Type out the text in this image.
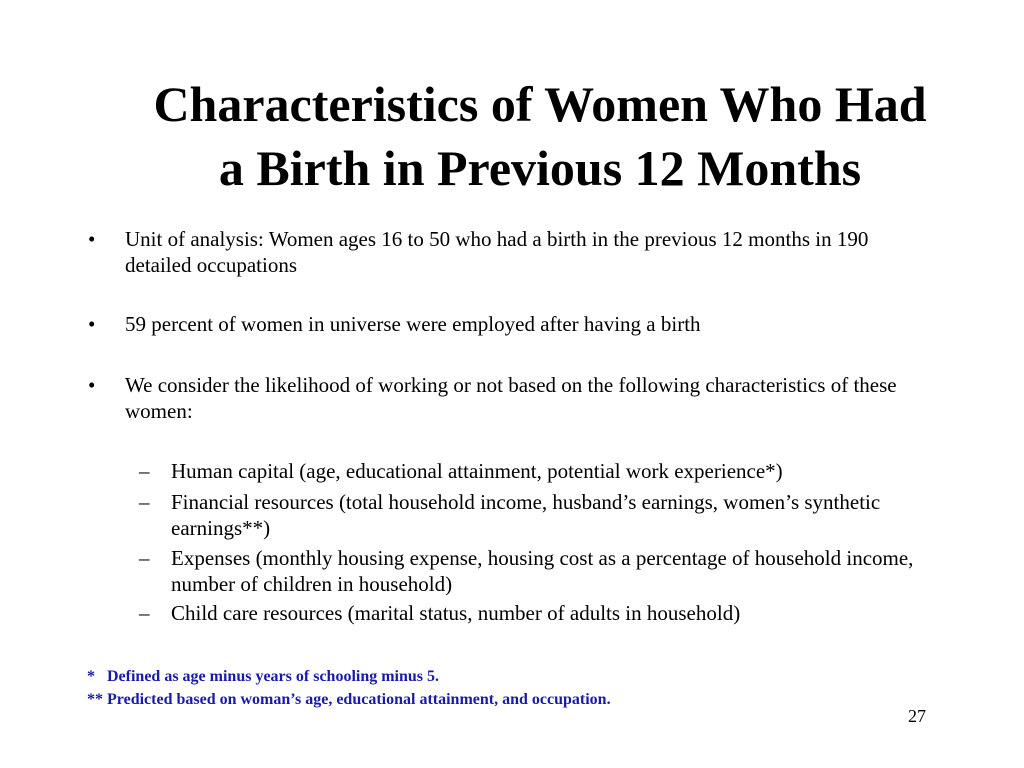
Characteristics of Women Who Had
a Birth in Previous 12 Months
• Unit of analysis: Women ages 16 to 50 who had a birth in the previous 12 months in 190 detailed occupations
• 59 percent of women in universe were employed after having a birth
• We consider the likelihood of working or not based on the following characteristics of these women:
– Human capital (age, educational attainment, potential work experience*)
– Financial resources (total household income, husband’s earnings, women’s synthetic earnings**)
– Expenses (monthly housing expense, housing cost as a percentage of household income, number of children in household)
– Child care resources (marital status, number of adults in household)
*   Defined as age minus years of schooling minus 5.
** Predicted based on woman’s age, educational attainment, and occupation.
27
